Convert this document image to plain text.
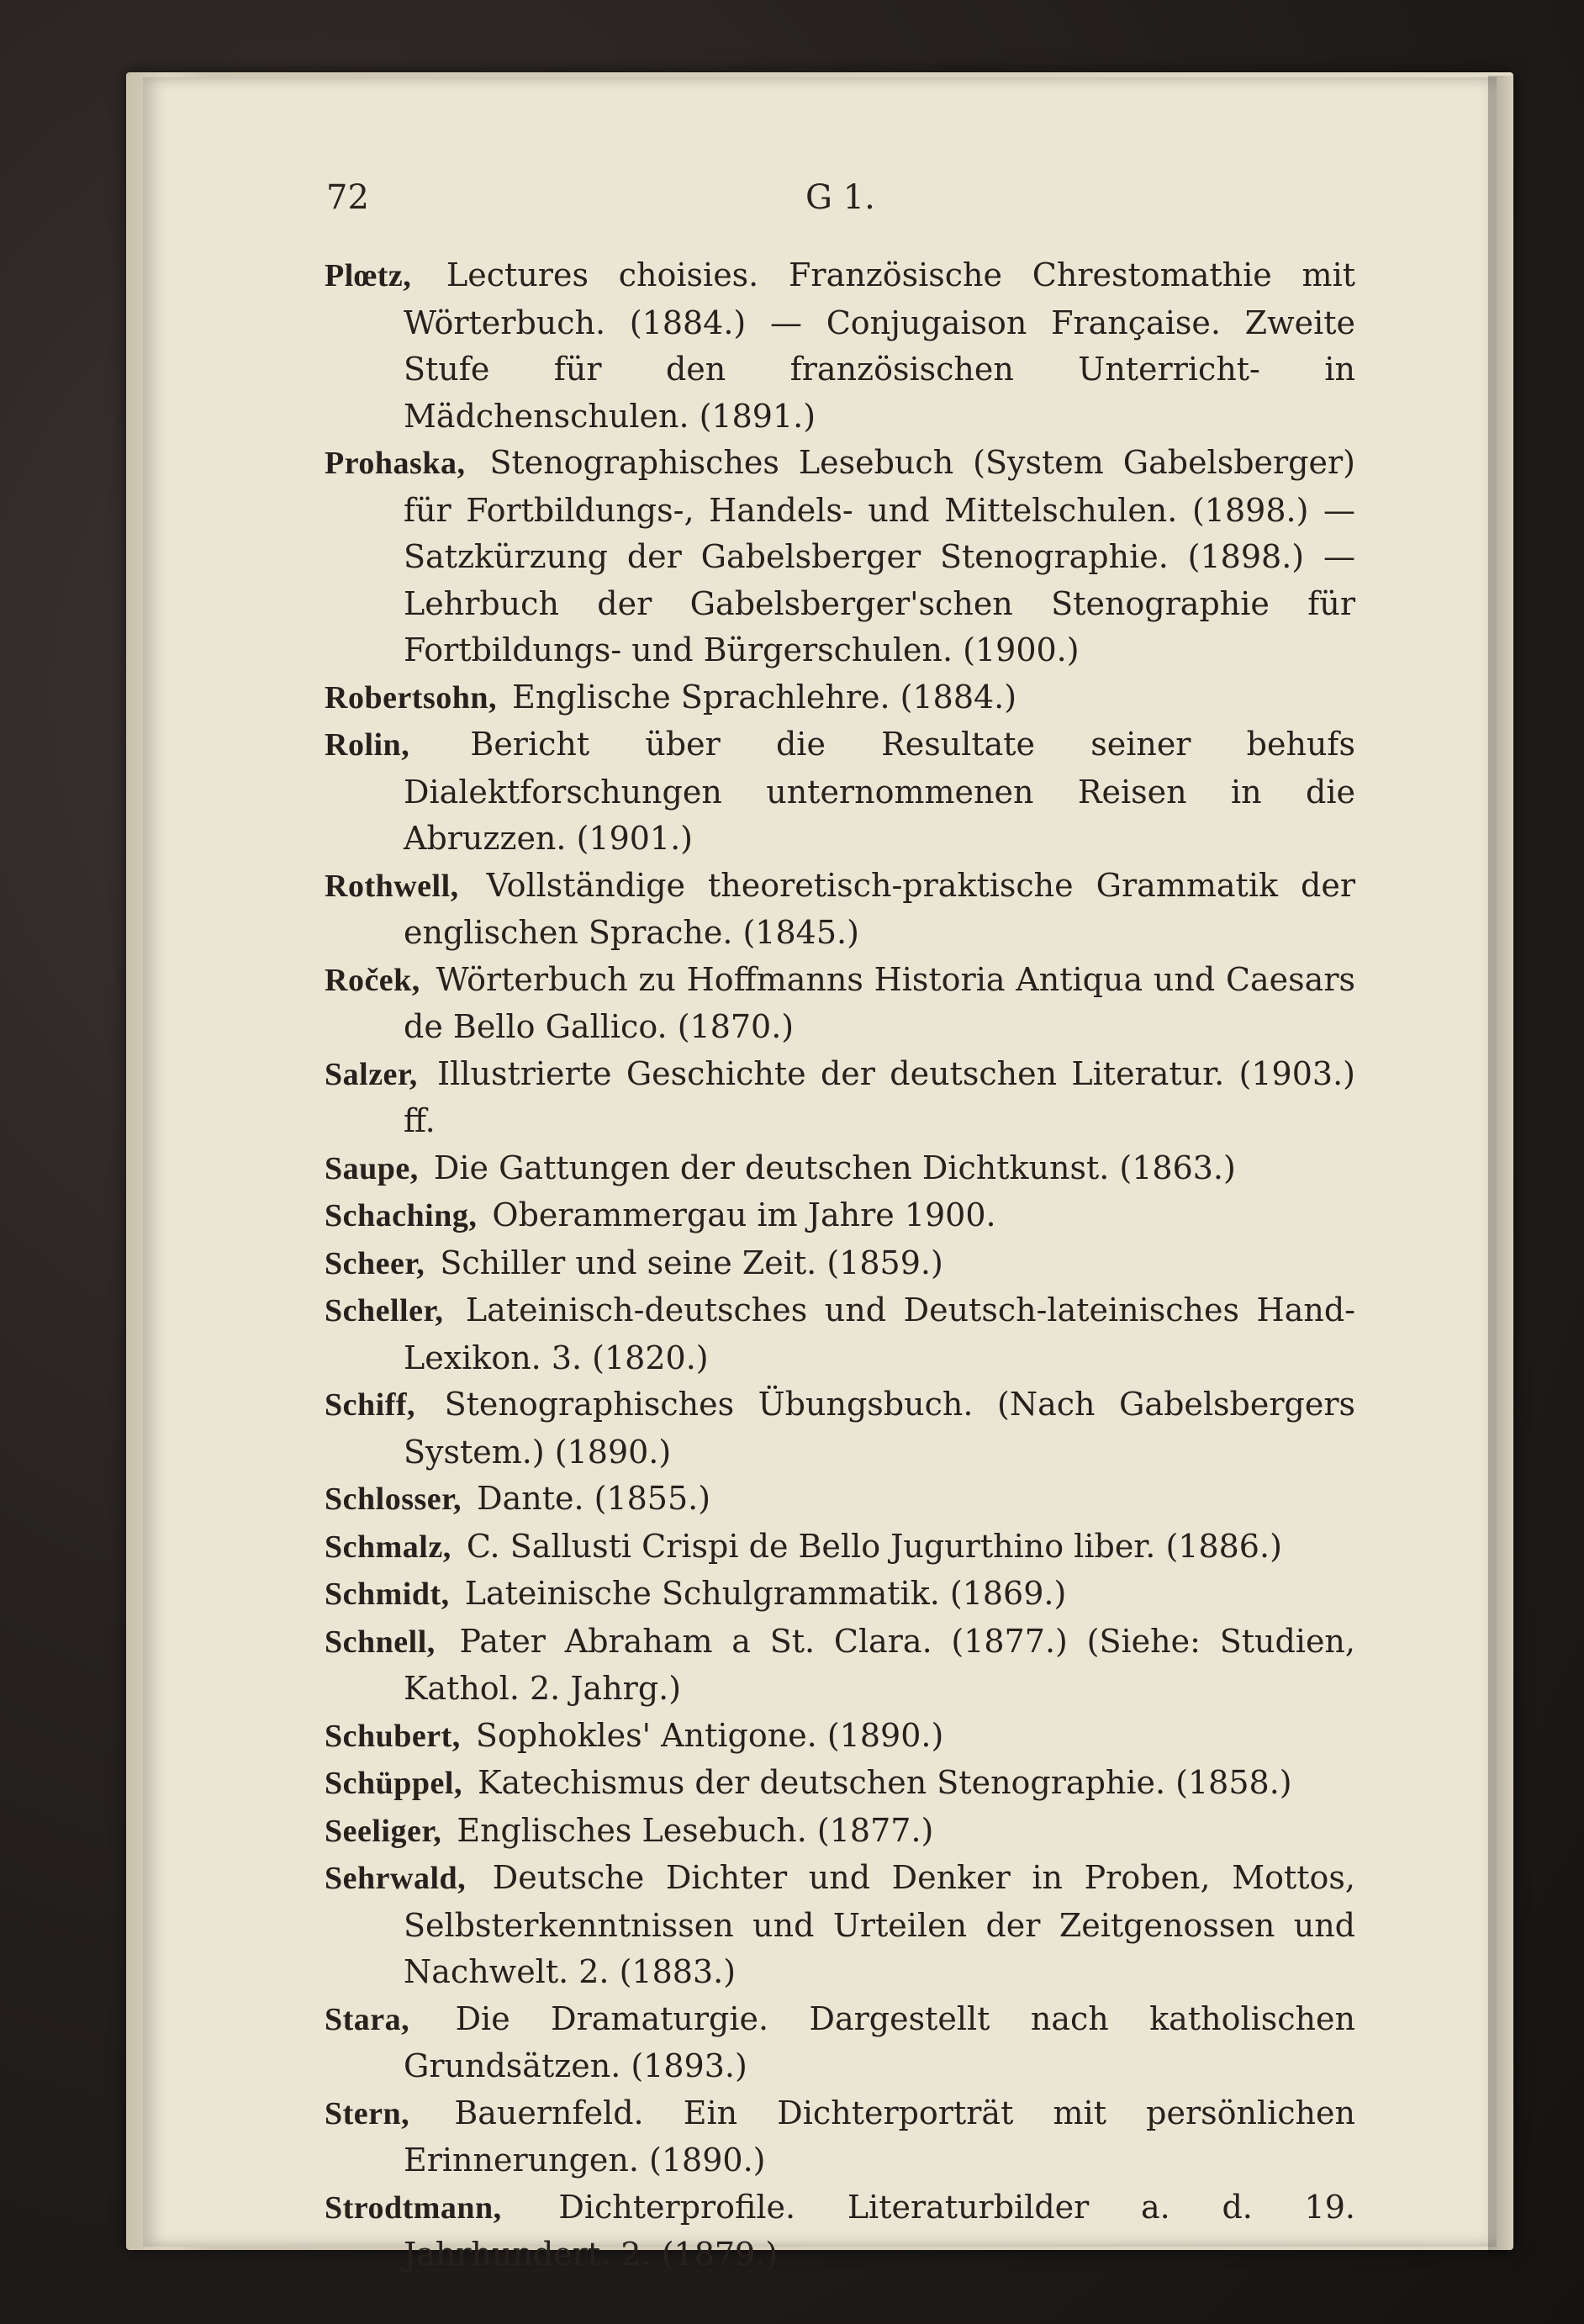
72	G 1.
Plœtz, Lectures choisies. Französische Chrestomathie mit Wörterbuch. (1884.) — Conjugaison Française. Zweite Stufe für den französischen Unterricht- in Mädchenschulen. (1891.)
Prohaska, Stenographisches Lesebuch (System Gabelsberger) für Fortbildungs-, Handels- und Mittelschulen. (1898.) — Satzkürzung der Gabelsberger Stenographie. (1898.) — Lehrbuch der Gabelsberger'schen Stenographie für Fortbildungs- und Bürgerschulen. (1900.)
Robertsohn, Englische Sprachlehre. (1884.)
Rolin, Bericht über die Resultate seiner behufs Dialektforschungen unternommenen Reisen in die Abruzzen. (1901.)
Rothwell, Vollständige theoretisch-praktische Grammatik der englischen Sprache. (1845.)
Roček, Wörterbuch zu Hoffmanns Historia Antiqua und Caesars de Bello Gallico. (1870.)
Salzer, Illustrierte Geschichte der deutschen Literatur. (1903.) ff.
Saupe, Die Gattungen der deutschen Dichtkunst. (1863.)
Schaching, Oberammergau im Jahre 1900.
Scheer, Schiller und seine Zeit. (1859.)
Scheller, Lateinisch-deutsches und Deutsch-lateinisches Hand-Lexikon. 3. (1820.)
Schiff, Stenographisches Übungsbuch. (Nach Gabelsbergers System.) (1890.)
Schlosser, Dante. (1855.)
Schmalz, C. Sallusti Crispi de Bello Jugurthino liber. (1886.)
Schmidt, Lateinische Schulgrammatik. (1869.)
Schnell, Pater Abraham a St. Clara. (1877.) (Siehe: Studien, Kathol. 2. Jahrg.)
Schubert, Sophokles' Antigone. (1890.)
Schüppel, Katechismus der deutschen Stenographie. (1858.)
Seeliger, Englisches Lesebuch. (1877.)
Sehrwald, Deutsche Dichter und Denker in Proben, Mottos, Selbsterkenntnissen und Urteilen der Zeitgenossen und Nachwelt. 2. (1883.)
Stara, Die Dramaturgie. Dargestellt nach katholischen Grundsätzen. (1893.)
Stern, Bauernfeld. Ein Dichterporträt mit persönlichen Erinnerungen. (1890.)
Strodtmann, Dichterprofile. Literaturbilder a. d. 19. Jahrhundert. 2. (1879.)
